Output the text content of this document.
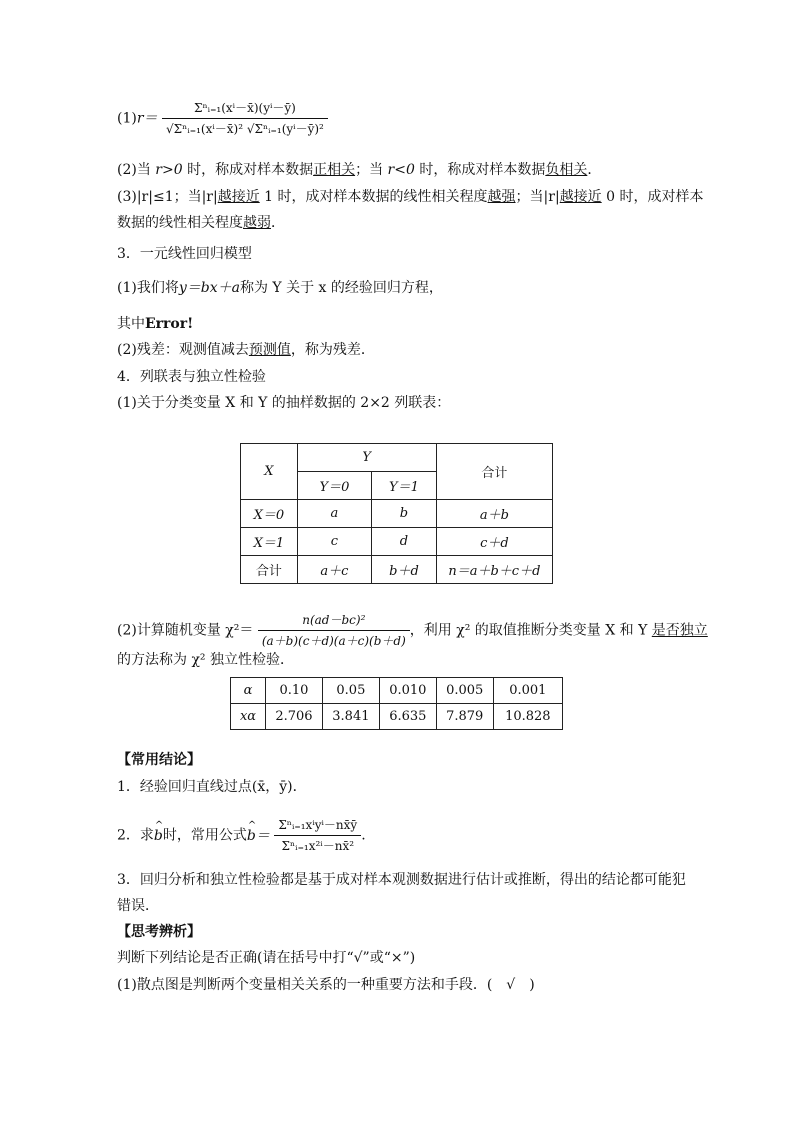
$(1)r= \frac{\text{Σⁿᵢ₌₁(xⁱ－x̄)(yⁱ－ȳ)}}{\text{√Σⁿᵢ₌₁(xⁱ－x̄)² √Σⁿᵢ₌₁(yⁱ－ȳ)²}}$
(2)当 r>0 时，称成对样本数据正相关；当 r<0 时，称成对样本数据负相关．
(3)|r|≤1；当|r|越接近 1 时，成对样本数据的线性相关程度越强；当|r|越接近 0 时，成对样本
数据的线性相关程度越弱．
3．一元线性回归模型
(1)我们将y＝bx＋a称为 Y 关于 x 的经验回归方程，
其中Error!
(2)残差：观测值减去预测值，称为残差．
4．列联表与独立性检验
(1)关于分类变量 X 和 Y 的抽样数据的 2×2 列联表：
X	Y		合计
	Y＝0	Y＝1	
X＝0	a	b	a＋b
X＝1	c	d	c＋d
合计	a＋c	b＋d	n＝a＋b＋c＋d
(2)计算随机变量 $\chi^2= \frac{\text{n(ad－bc)²}}{(a+b)(c+d)(a+c)(b+d)}$ ，利用 χ² 的取值推断分类变量 X 和 Y 是否独立
的方法称为 χ² 独立性检验．
α	0.10	0.05	0.010	0.005	0.001
xα	2.706	3.841	6.635	7.879	10.828
【常用结论】
1．经验回归直线过点(x̄，ȳ)．
2．求^ b时，常用公式^ $b= \frac{\text{Σⁿᵢ₌₁xⁱyⁱ－nx̄ȳ}}{\text{Σⁿᵢ₌₁x²ⁱ－nx̄²}}$ .
3．回归分析和独立性检验都是基于成对样本观测数据进行估计或推断，得出的结论都可能犯
错误．
【思考辨析】
判断下列结论是否正确(请在括号中打“√”或“×”)
(1)散点图是判断两个变量相关关系的一种重要方法和手段．(　√　)
